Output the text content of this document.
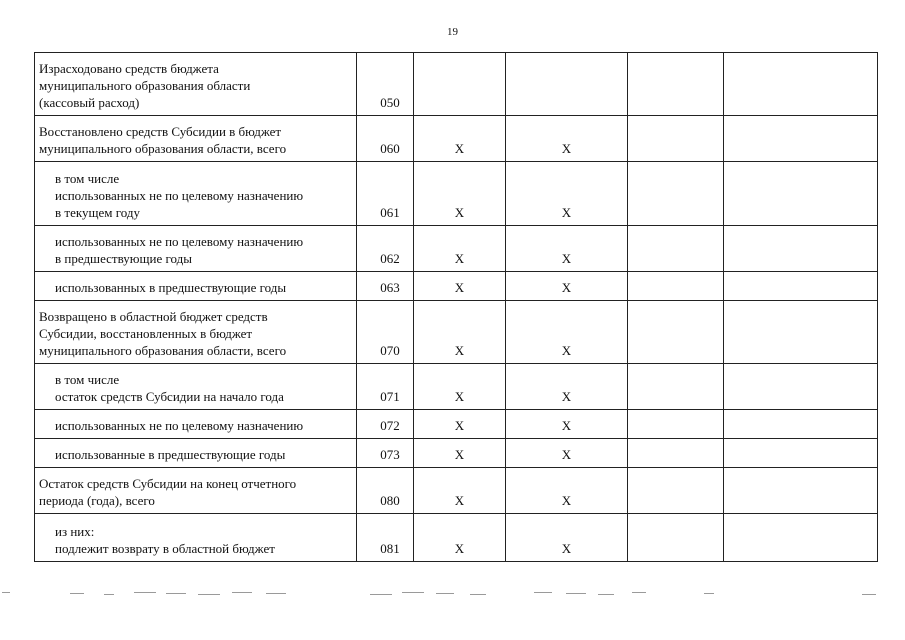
19
Израсходовано средств бюджета
муниципального образования области
(кассовый расход)	050				
Восстановлено средств Субсидии в бюджет
муниципального образования области, всего	060	X	X		
в том числе
использованных не по целевому назначению
в текущем году	061	X	X		
использованных не по целевому назначению
в предшествующие годы	062	X	X		
использованных в предшествующие годы	063	X	X		
Возвращено в областной бюджет средств
Субсидии, восстановленных в бюджет
муниципального образования области, всего	070	X	X		
в том числе
остаток средств Субсидии на начало года	071	X	X		
использованных не по целевому назначению	072	X	X		
использованные в предшествующие годы	073	X	X		
Остаток средств Субсидии на конец отчетного
периода (года), всего	080	X	X		
из них:
подлежит возврату в областной бюджет	081	X	X		
